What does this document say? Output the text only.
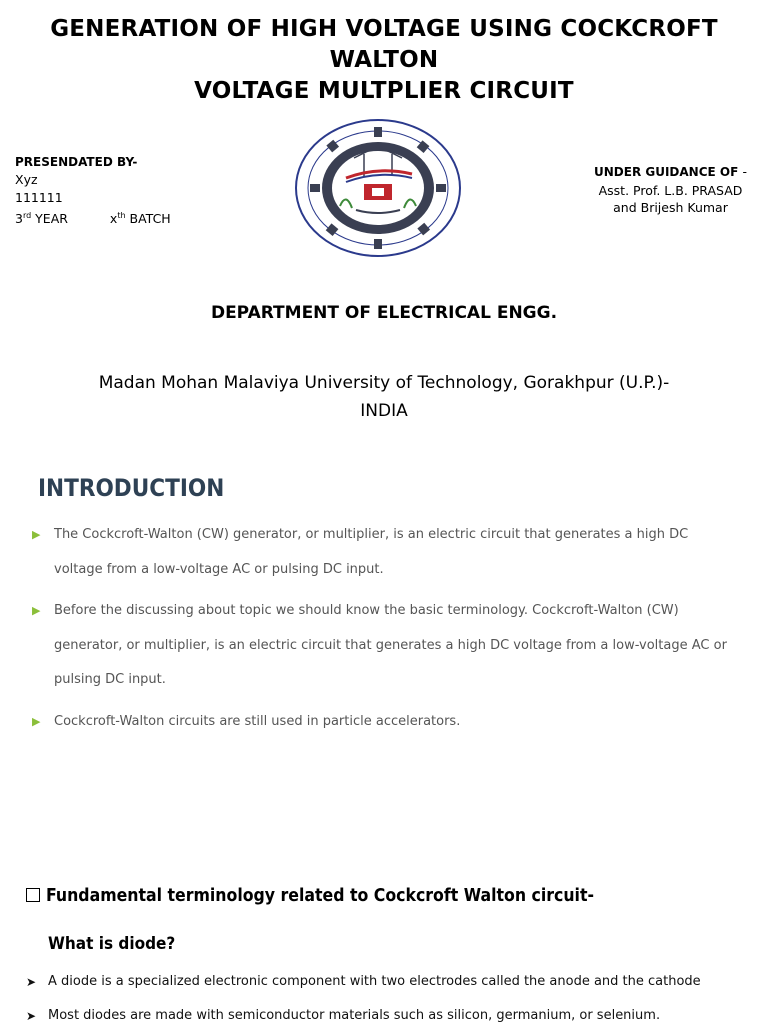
GENERATION OF HIGH VOLTAGE USING COCKCROFT WALTON
VOLTAGE MULTPLIER CIRCUIT
PRESENDATED BY-
Xyz
111111
3rd YEAR	$x^{th}$ BATCH
UNDER GUIDANCE OF -
Asst. Prof. L.B. PRASAD
and Brijesh Kumar
DEPARTMENT OF ELECTRICAL ENGG.
Madan Mohan Malaviya University of Technology, Gorakhpur (U.P.)-
INDIA
INTRODUCTION
▶ The Cockcroft-Walton (CW) generator, or multiplier, is an electric circuit that generates a high DC voltage from a low-voltage AC or pulsing DC input.
▶ Before the discussing about topic we should know the basic terminology. Cockcroft-Walton (CW) generator, or multiplier, is an electric circuit that generates a high DC voltage from a low-voltage AC or pulsing DC input.
▶ Cockcroft-Walton circuits are still used in particle accelerators.
Fundamental terminology related to Cockcroft Walton circuit-
What is diode?
➤ A diode is a specialized electronic component with two electrodes called the anode and the cathode
➤ Most diodes are made with semiconductor materials such as silicon, germanium, or selenium.
